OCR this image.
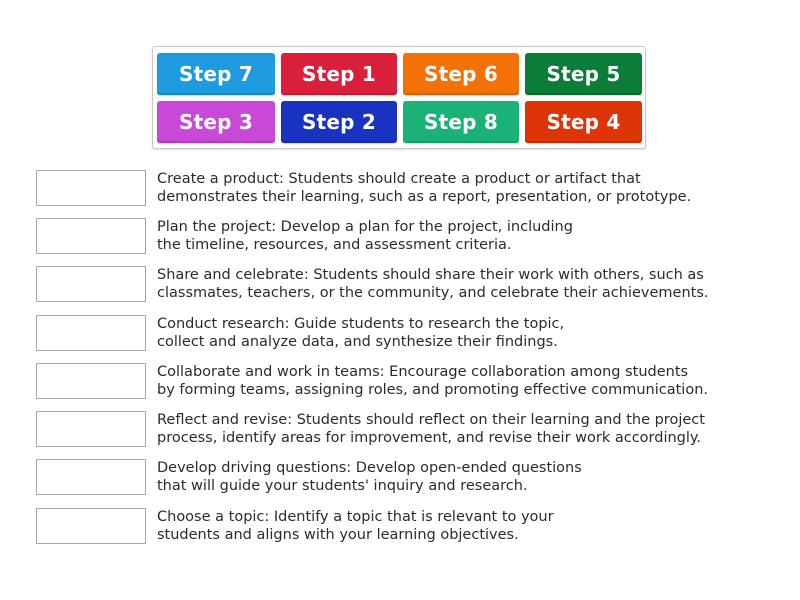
Step 7	Step 1	Step 6	Step 5
Step 3	Step 2	Step 8	Step 4
Create a product: Students should create a product or artifact that
demonstrates their learning, such as a report, presentation, or prototype.
Plan the project: Develop a plan for the project, including
the timeline, resources, and assessment criteria.
Share and celebrate: Students should share their work with others, such as
classmates, teachers, or the community, and celebrate their achievements.
Conduct research: Guide students to research the topic,
collect and analyze data, and synthesize their findings.
Collaborate and work in teams: Encourage collaboration among students
by forming teams, assigning roles, and promoting effective communication.
Reflect and revise: Students should reflect on their learning and the project
process, identify areas for improvement, and revise their work accordingly.
Develop driving questions: Develop open-ended questions
that will guide your students' inquiry and research.
Choose a topic: Identify a topic that is relevant to your
students and aligns with your learning objectives.
